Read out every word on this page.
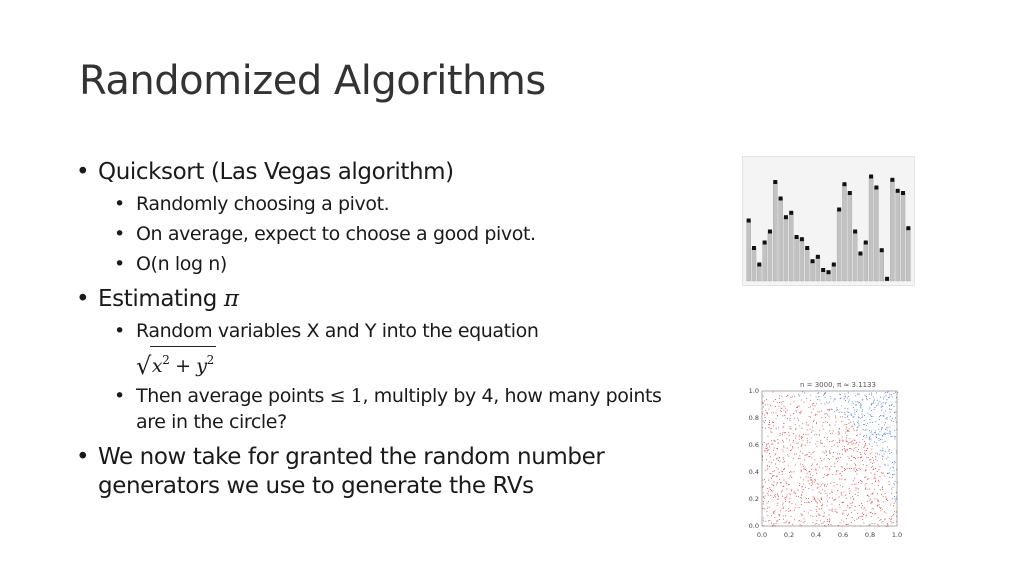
Randomized Algorithms
• Quicksort (Las Vegas algorithm)
• Randomly choosing a pivot.
• On average, expect to choose a good pivot.
• O(n log n)
• Estimating π
• Random variables X and Y into the equation
$√x^2 + y^2$
• Then average points ≤ 1, multiply by 4, how many points are in the circle?
• We now take for granted the random number generators we use to generate the RVs
n = 3000, π ≈ 3.1133
0.0	0.2	0.4	0.6	0.8	1.0
0.0
0.2
0.4
0.6
0.8
1.0
